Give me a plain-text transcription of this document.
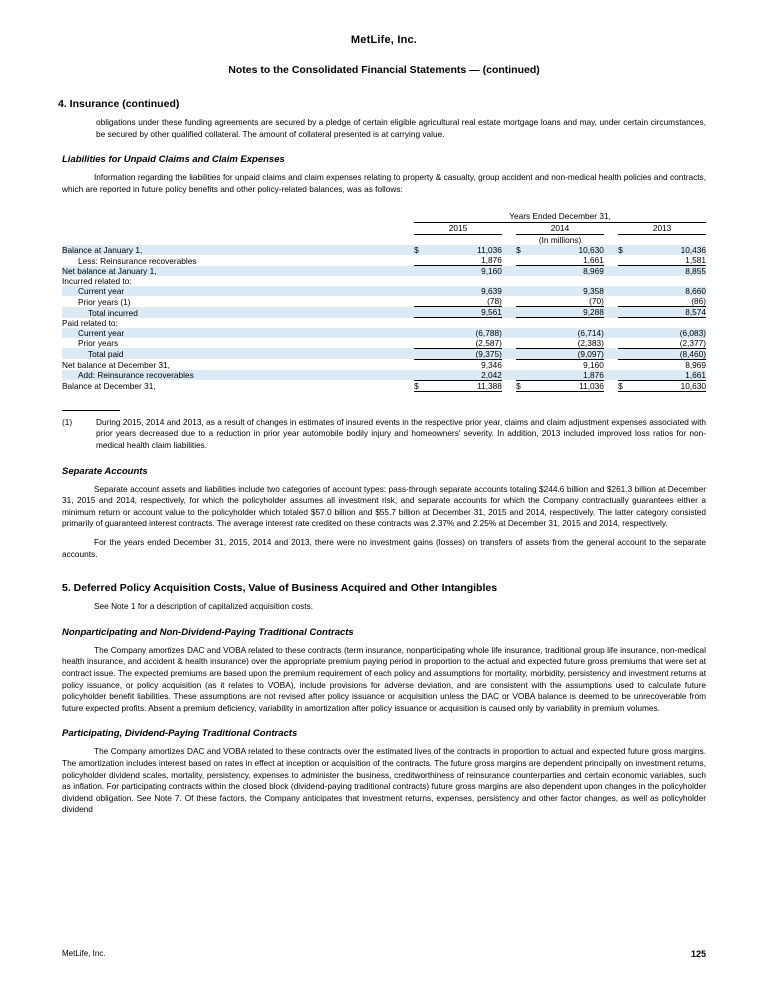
MetLife, Inc.
Notes to the Consolidated Financial Statements — (continued)
4. Insurance (continued)

obligations under these funding agreements are secured by a pledge of certain eligible agricultural real estate mortgage loans and may, under certain circumstances, be secured by other qualified collateral. The amount of collateral presented is at carrying value.

Liabilities for Unpaid Claims and Claim Expenses

Information regarding the liabilities for unpaid claims and claim expenses relating to property & casualty, group accident and non-medical health policies and contracts, which are reported in future policy benefits and other policy-related balances, was as follows:

	Years Ended December 31,							

	2015			2014			2013	

	(In millions)							
Balance at January 1,	$	11,036		$	10,630		$	10,436
Less: Reinsurance recoverables		1,876			1,661			1,581
Net balance at January 1,		9,160			8,969			8,855
Incurred related to:								
Current year		9,639			9,358			8,660
Prior years (1)		(78)			(70)			(86)
Total incurred		9,561			9,288			8,574
Paid related to:								
Current year		(6,788)			(6,714)			(6,083)
Prior years		(2,587)			(2,383)			(2,377)
Total paid		(9,375)			(9,097)			(8,460)
Net balance at December 31,		9,346			9,160			8,969
Add: Reinsurance recoverables		2,042			1,876			1,661
Balance at December 31,	$	11,388		$	11,036		$	10,630
(1)	During 2015, 2014 and 2013, as a result of changes in estimates of insured events in the respective prior year, claims and claim adjustment expenses associated with prior years decreased due to a reduction in prior year automobile bodily injury and homeowners' severity. In addition, 2013 included improved loss ratios for non-medical health claim liabilities.
Separate Accounts

Separate account assets and liabilities include two categories of account types: pass-through separate accounts totaling $244.6 billion and $261.3 billion at December 31, 2015 and 2014, respectively, for which the policyholder assumes all investment risk, and separate accounts for which the Company contractually guarantees either a minimum return or account value to the policyholder which totaled $57.0 billion and $55.7 billion at December 31, 2015 and 2014, respectively. The latter category consisted primarily of guaranteed interest contracts. The average interest rate credited on these contracts was 2.37% and 2.25% at December 31, 2015 and 2014, respectively.

For the years ended December 31, 2015, 2014 and 2013, there were no investment gains (losses) on transfers of assets from the general account to the separate accounts.

5. Deferred Policy Acquisition Costs, Value of Business Acquired and Other Intangibles

See Note 1 for a description of capitalized acquisition costs.

Nonparticipating and Non-Dividend-Paying Traditional Contracts

The Company amortizes DAC and VOBA related to these contracts (term insurance, nonparticipating whole life insurance, traditional group life insurance, non-medical health insurance, and accident & health insurance) over the appropriate premium paying period in proportion to the actual and expected future gross premiums that were set at contract issue. The expected premiums are based upon the premium requirement of each policy and assumptions for mortality, morbidity, persistency and investment returns at policy issuance, or policy acquisition (as it relates to VOBA), include provisions for adverse deviation, and are consistent with the assumptions used to calculate future policyholder benefit liabilities. These assumptions are not revised after policy issuance or acquisition unless the DAC or VOBA balance is deemed to be unrecoverable from future expected profits. Absent a premium deficiency, variability in amortization after policy issuance or acquisition is caused only by variability in premium volumes.

Participating, Dividend-Paying Traditional Contracts

The Company amortizes DAC and VOBA related to these contracts over the estimated lives of the contracts in proportion to actual and expected future gross margins. The amortization includes interest based on rates in effect at inception or acquisition of the contracts. The future gross margins are dependent principally on investment returns, policyholder dividend scales, mortality, persistency, expenses to administer the business, creditworthiness of reinsurance counterparties and certain economic variables, such as inflation. For participating contracts within the closed block (dividend-paying traditional contracts) future gross margins are also dependent upon changes in the policyholder dividend obligation. See Note 7. Of these factors, the Company anticipates that investment returns, expenses, persistency and other factor changes, as well as policyholder dividend

MetLife, Inc.	125
